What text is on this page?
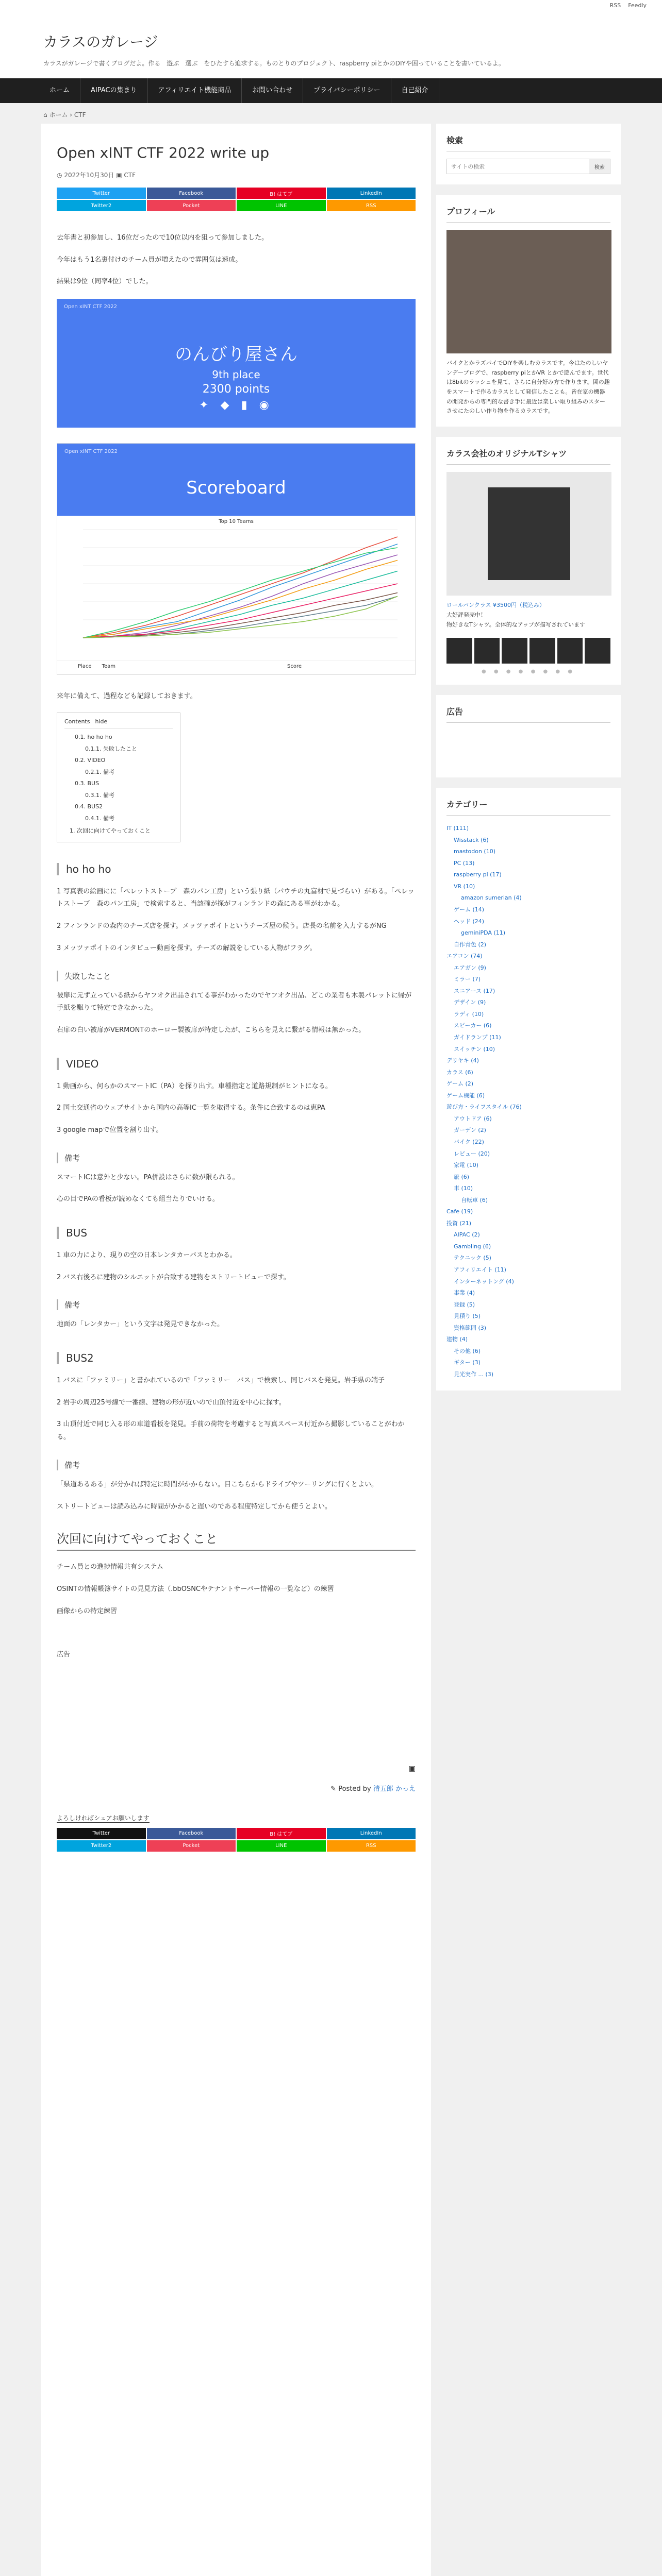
RSS Feedly
カラスのガレージ
カラスがガレージで書くブログだよ。作る　遊ぶ　選ぶ　をひたすら追求する。ものとりのプロジェクト、raspberry piとかのDIYや困っていることを書いているよ。
ホーム	AIPACの集まり	アフィリエイト機能商品	お問い合わせ	プライバシーポリシー	自己紹介
⌂ ホーム › CTF
Open xINT CTF 2022 write up
◷ 2022年10月30日 ▣ CTF
Twitter	Facebook	B! はてブ	LinkedIn
Twitter2	Pocket	LINE	RSS

去年書と初参加し、16位だったので10位以内を狙って参加しました。

今年はもう1名裏付けのチーム員が増えたので雰囲気は速成。

結果は9位（同率4位）でした。

Open xINT CTF 2022
のんびり屋さん
9th place
2300 points
✦ ◆ ▮ ◉
Open xINT CTF 2022
Scoreboard
Top 10 Teams
Place Team	Score

来年に備えて、過程なども記録しておきます。

Contents hide
0.1. ho ho ho
0.1.1. 失敗したこと
0.2. VIDEO
0.2.1. 備考
0.3. BUS
0.3.1. 備考
0.4. BUS2
0.4.1. 備考
1. 次回に向けてやっておくこと
ho ho ho

1 写真表の絵画にに「ペレットストープ　森のパン工房」という張り紙（パウチの丸富材で見づらい）がある。「ペレットストーブ　森のパン工房」で検索すると、当該確が探がフィンランドの森にある事がわかる。

2 フィンランドの森内のチーズ店を探す。メッツァポイトというチーズ屋の候う。店長の名前を入力するがNG

3 メッツァポイトのインタビュー動画を探す。チーズの解説をしている人物がフラグ。

失敗したこと

被扉に元ず立っている紙からヤフオク出品されてる事がわかったのでヤフオク出品、どこの業者も木製パレットに帰が手紙を駆りて特定できなかった。

右扉の白い被扉がVERMONTのホーロー製被扉が特定したが、こちらを見えに繋がる情報は無かった。

VIDEO

1 動画から、何らかのスマートIC（PA）を探り出す。車種指定と道路規制がヒントになる。

2 国土交通省のウェブサイトから国内の高等IC一覧を取得する。条件に合致するのは恵PA

3 google mapで位置を割り出す。

備考

スマートICは意外と少ない。PA併設はさらに数が限られる。

心の目でPAの看板が読めなくても組当たりでいける。

BUS

1 車の力により、現りの空の日本レンタカーバスとわかる。

2 バス右後ろに建物のシルエットが合致する建物をストリートビューで探す。

備考

地面の「レンタカー」という文字は発見できなかった。

BUS2

1 バスに「ファミリー」と書かれているので「ファミリー　バス」で検索し、同じバスを発見。岩手県の端子

2 岩手の周辺25号線で一番線、建物の形が近いので山頂付近を中心に探す。

3 山頂付近で同じ入る形の車道看板を発見。手前の荷物を考慮すると写真スペース付近から撮影していることがわかる。

備考

「県道あるある」が分かれば特定に時間がかからない。目こちらからドライブやツーリングに行くとよい。

ストリートビューは読み込みに時間がかかると遅いのである程度特定してから使うとよい。

次回に向けてやっておくこと

チーム員との進捗情報共有システム

OSINTの情報帳簿サイトの見見方法（.bbOSNCやテナントサーバー情報の一覧など）の練習

画像からの特定練習

広告

▣
✎ Posted by 清五郎 かっえ
よろしければシェアお願いします
Twitter	Facebook	B! はてブ	LinkedIn
Twitter2	Pocket	LINE	RSS
検索
サイトの検索
検索
プロフィール
バイクとかラズパイでDIYを楽しむカラスです。今はたのしいヤンデーブログで、raspberry piとかVR とかで遊んでます。世代は8bitのラッシュを見て、さらに自分好み方で作ります。関の趣をスマートで作るカラスとして発信したことも。皆在家の機器の開発からの専門的な書き手に最近は楽しい取り組みのスターさせにたのしい作り物を作るカラスです。
カラス会社のオリジナルTシャツ
ロールパンクラス ¥3500円（税込み）
大好評発売中！
物好きなTシャツ。全体的なアップが描写されています
● ● ● ● ● ● ● ●
広告
カテゴリー
IT (111)
Wisstack (6)
mastodon (10)
PC (13)
raspberry pi (17)
VR (10)
amazon sumerian (4)
ゲーム (14)
ヘッド (24)
geminiPDA (11)
自作青色 (2)
エアコン (74)
エアガン (9)
ミラー (7)
スニアース (17)
デザイン (9)
ラディ (10)
スピーカー (6)
ガイドランプ (11)
スイッチン (10)
デリヤキ (4)
カラス (6)
ゲーム (2)
ゲーム機能 (6)
遊び方・ライフスタイル (76)
アウトドア (6)
ガーデン (2)
バイク (22)
レビュー (20)
家電 (10)
旅 (6)
車 (10)
自転車 (6)
Cafe (19)
投資 (21)
AIPAC (2)
Gambling (6)
テクニック (5)
アフィリエイト (11)
インターネットング (4)
事業 (4)
登録 (5)
見積り (5)
資格範囲 (3)
建物 (4)
その他 (6)
ギター (3)
見光実作 ... (3)
